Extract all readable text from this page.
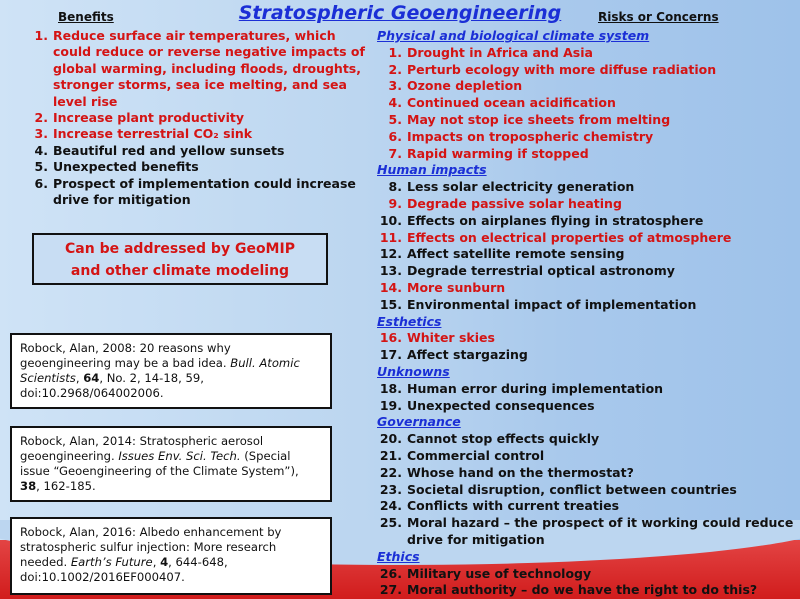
Stratospheric Geoengineering
Benefits	Risks or Concerns
1. Reduce surface air temperatures, which could reduce or reverse negative impacts of global warming, including floods, droughts, stronger storms, sea ice melting, and sea level rise
2. Increase plant productivity
3. Increase terrestrial CO₂ sink
4. Beautiful red and yellow sunsets
5. Unexpected benefits
6. Prospect of implementation could increase drive for mitigation
Can be addressed by GeoMIP
and other climate modeling
Robock, Alan, 2008: 20 reasons why geoengineering may be a bad idea. Bull. Atomic Scientists, 64, No. 2, 14-18, 59, doi:10.2968/064002006.
Robock, Alan, 2014: Stratospheric aerosol geoengineering. Issues Env. Sci. Tech. (Special issue “Geoengineering of the Climate System”), 38, 162-185.
Robock, Alan, 2016: Albedo enhancement by stratospheric sulfur injection: More research needed. Earth’s Future, 4, 644-648, doi:10.1002/2016EF000407.
Physical and biological climate system
1. Drought in Africa and Asia
2. Perturb ecology with more diffuse radiation
3. Ozone depletion
4. Continued ocean acidification
5. May not stop ice sheets from melting
6. Impacts on tropospheric chemistry
7. Rapid warming if stopped
Human impacts
8. Less solar electricity generation
9. Degrade passive solar heating
10. Effects on airplanes flying in stratosphere
11. Effects on electrical properties of atmosphere
12. Affect satellite remote sensing
13. Degrade terrestrial optical astronomy
14. More sunburn
15. Environmental impact of implementation
Esthetics
16. Whiter skies
17. Affect stargazing
Unknowns
18. Human error during implementation
19. Unexpected consequences
Governance
20. Cannot stop effects quickly
21. Commercial control
22. Whose hand on the thermostat?
23. Societal disruption, conflict between countries
24. Conflicts with current treaties
25. Moral hazard – the prospect of it working could reduce drive for mitigation
Ethics
26. Military use of technology
27. Moral authority – do we have the right to do this?
